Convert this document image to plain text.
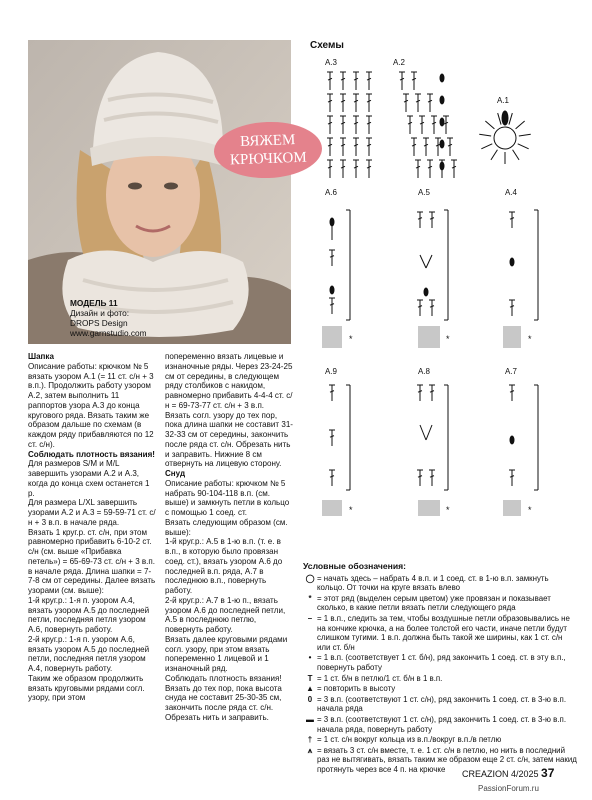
ВЯЖЕМ
КРЮЧКОМ
МОДЕЛЬ 11
Дизайн и фото:
DROPS Design
www.garnstudio.com

Шапка

Описание работы: крючком № 5 вязать узором A.1 (= 11 ст. с/н + 3 в.п.). Продолжить работу узором A.2, затем выполнить 11 раппортов узора A.3 до конца кругового ряда. Вязать таким же образом дальше по схемам (в каждом ряду прибавляются по 12 ст. с/н).

Соблюдать плотность вязания!

Для размеров S/M и M/L завершить узорами A.2 и A.3, когда до конца схем останется 1 р.

Для размера L/XL завершить узорами A.2 и A.3 = 59-59-71 ст. с/н + 3 в.п. в начале ряда.

Вязать 1 круг.р. ст. с/н, при этом равномерно прибавить 6-10-2 ст. с/н (см. выше «Прибавка петель») = 65-69-73 ст. с/н + 3 в.п. в начале ряда. Длина шапки = 7-7-8 см от середины. Далее вязать узорами (см. выше):

1-й круг.р.: 1-я п. узором A.4, вязать узором A.5 до последней петли, последняя петля узором A.6, повернуть работу.

2-й круг.р.: 1-я п. узором A.6, вязать узором A.5 до последней петли, последняя петля узором A.4, повернуть работу.

Таким же образом продолжить вязать круговыми рядами согл. узору, при этом

попеременно вязать лицевые и изнаночные ряды. Через 23-24-25 см от середины, в следующем ряду столбиков с накидом, равномерно прибавить 4-4-4 ст. с/н = 69-73-77 ст. с/н + 3 в.п.

Вязать согл. узору до тех пор, пока длина шапки не составит 31-32-33 см от середины, закончить после ряда ст. с/н. Обрезать нить и заправить. Нижние 8 см отвернуть на лицевую сторону.

Снуд

Описание работы: крючком № 5 набрать 90-104-118 в.п. (см. выше) и замкнуть петли в кольцо с помощью 1 соед. ст.

Вязать следующим образом (см. выше):

1-й круг.р.: A.5 в 1-ю в.п. (т. е. в в.п., в которую было провязан соед. ст.), вязать узором A.6 до последней в.п. ряда, A.7 в последнюю в.п., повернуть работу.

2-й круг.р.: A.7 в 1-ю п., вязать узором A.6 до последней петли, A.5 в последнюю петлю, повернуть работу.

Вязать далее круговыми рядами согл. узору, при этом вязать попеременно 1 лицевой и 1 изнаночный ряд.

Соблюдать плотность вязания! Вязать до тех пор, пока высота снуда не составит 25-30-35 см, закончить после ряда ст. с/н.

Обрезать нить и заправить.

Схемы
A.3	A.2
A.1
A.6	A.5	A.4
A.9	A.8	A.7
*	*	*
*	*	*
Условные обозначения:
◯ = начать здесь – набрать 4 в.п. и 1 соед. ст. в 1-ю в.п. замкнуть кольцо. От точки на круге вязать влево
* = этот ряд (выделен серым цветом) уже провязан и показывает сколько, в какие петли вязать петли следующего ряда
– = 1 в.п., следить за тем, чтобы воздушные петли образовывались не на кончике крючка, а на более толстой его части, иначе петли будут слишком тугими. 1 в.п. должна быть такой же ширины, как 1 ст. с/н или ст. б/н
• = 1 в.п. (соответствует 1 ст. б/н), ряд закончить 1 соед. ст. в эту в.п., повернуть работу
T = 1 ст. б/н в петлю/1 ст. б/н в 1 в.п.
▲ = повторить в высоту
0 = 3 в.п. (соответствуют 1 ст. с/н), ряд закончить 1 соед. ст. в 3-ю в.п. начала ряда
▬ = 3 в.п. (соответствуют 1 ст. с/н), ряд закончить 1 соед. ст. в 3-ю в.п. начала ряда, повернуть работу
† = 1 ст. с/н вокруг кольца из в.п./вокруг в.п./в петлю
⩚ = вязать 3 ст. с/н вместе, т. е. 1 ст. с/н в петлю, но нить в последний раз не вытягивать, вязать таким же образом еще 2 ст. с/н, затем накид протянуть через все 4 п. на крючке	CREAZION 4/2025 37
PassionForum.ru
